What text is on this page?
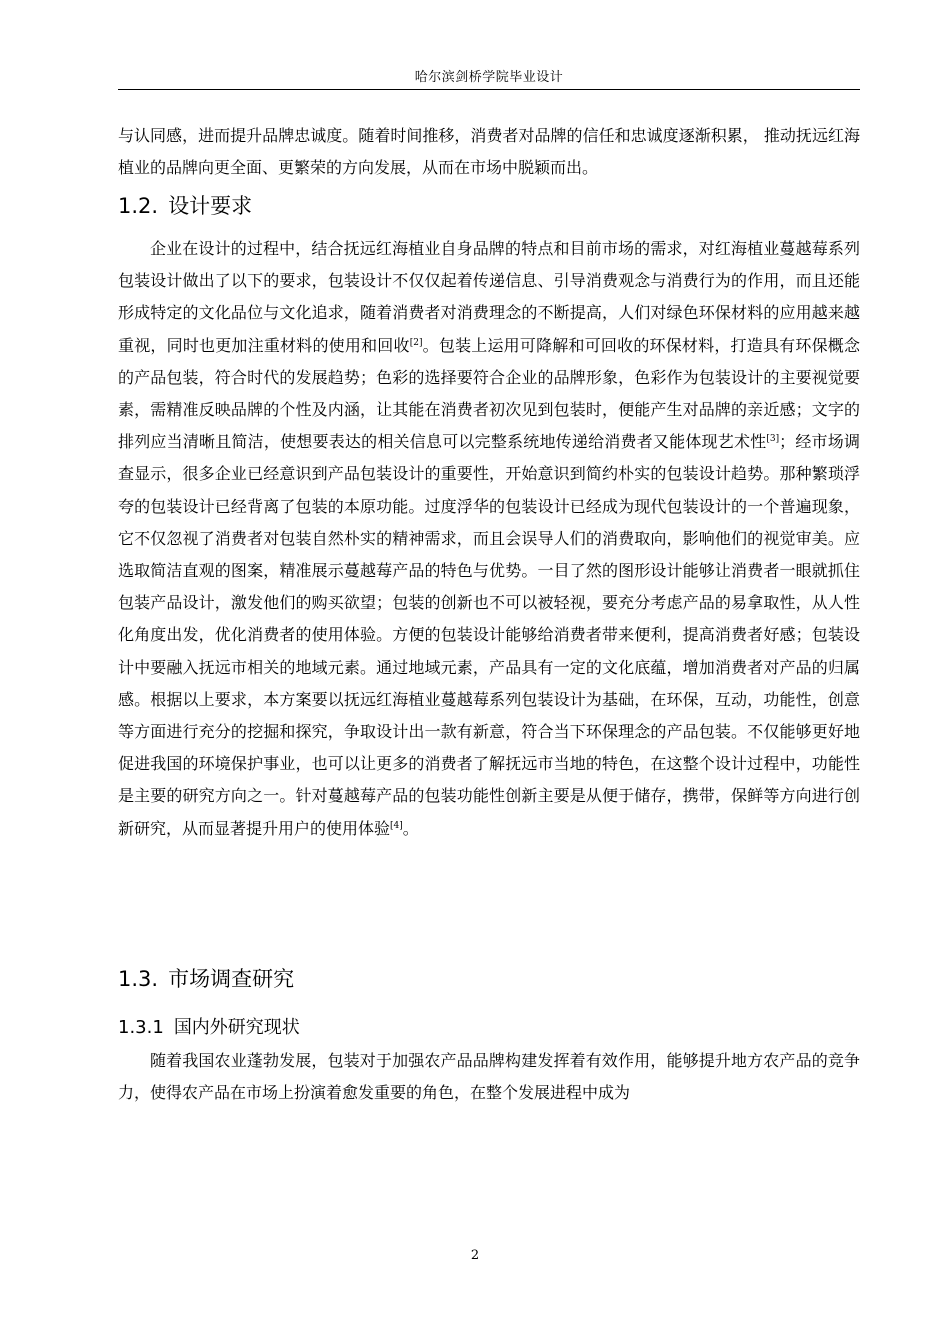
哈尔滨剑桥学院毕业设计

与认同感，进而提升品牌忠诚度。随着时间推移，消费者对品牌的信任和忠诚度逐渐积累， 推动抚远红海植业的品牌向更全面、更繁荣的方向发展，从而在市场中脱颖而出。

1.2. 设计要求

企业在设计的过程中，结合抚远红海植业自身品牌的特点和目前市场的需求，对红海植业蔓越莓系列包装设计做出了以下的要求，包装设计不仅仅起着传递信息、引导消费观念与消费行为的作用，而且还能形成特定的文化品位与文化追求，随着消费者对消费理念的不断提高，人们对绿色环保材料的应用越来越重视，同时也更加注重材料的使用和回收[2]。包装上运用可降解和可回收的环保材料，打造具有环保概念的产品包装，符合时代的发展趋势；色彩的选择要符合企业的品牌形象，色彩作为包装设计的主要视觉要素，需精准反映品牌的个性及内涵，让其能在消费者初次见到包装时，便能产生对品牌的亲近感；文字的排列应当清晰且简洁，使想要表达的相关信息可以完整系统地传递给消费者又能体现艺术性[3]；经市场调查显示，很多企业已经意识到产品包装设计的重要性，开始意识到简约朴实的包装设计趋势。那种繁琐浮夸的包装设计已经背离了包装的本原功能。过度浮华的包装设计已经成为现代包装设计的一个普遍现象，它不仅忽视了消费者对包装自然朴实的精神需求，而且会误导人们的消费取向，影响他们的视觉审美。应选取简洁直观的图案，精准展示蔓越莓产品的特色与优势。一目了然的图形设计能够让消费者一眼就抓住包装产品设计，激发他们的购买欲望；包装的创新也不可以被轻视，要充分考虑产品的易拿取性，从人性化角度出发，优化消费者的使用体验。方便的包装设计能够给消费者带来便利，提高消费者好感；包装设计中要融入抚远市相关的地域元素。通过地域元素，产品具有一定的文化底蕴，增加消费者对产品的归属感。根据以上要求，本方案要以抚远红海植业蔓越莓系列包装设计为基础，在环保，互动，功能性，创意等方面进行充分的挖掘和探究，争取设计出一款有新意，符合当下环保理念的产品包装。不仅能够更好地促进我国的环境保护事业，也可以让更多的消费者了解抚远市当地的特色，在这整个设计过程中，功能性是主要的研究方向之一。针对蔓越莓产品的包装功能性创新主要是从便于储存，携带，保鲜等方向进行创新研究，从而显著提升用户的使用体验[4]。

1.3. 市场调查研究
1.3.1 国内外研究现状

随着我国农业蓬勃发展，包装对于加强农产品品牌构建发挥着有效作用，能够提升地方农产品的竞争力，使得农产品在市场上扮演着愈发重要的角色，在整个发展进程中成为

2
